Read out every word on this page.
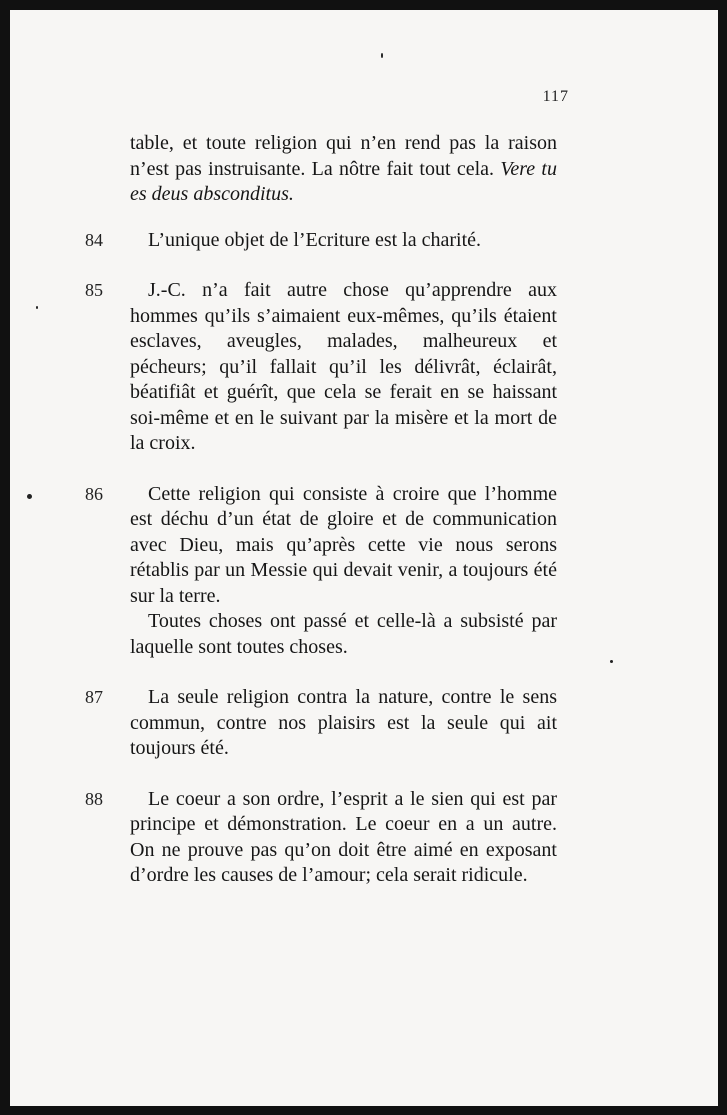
117

table, et toute religion qui n’en rend pas la raison n’est pas instruisante. La nôtre fait tout cela. Vere tu es deus absconditus.

84	L’unique objet de l’Ecriture est la charité.

85	J.-C. n’a fait autre chose qu’apprendre aux hommes qu’ils s’aimaient eux-mêmes, qu’ils étaient esclaves, aveugles, malades, malheureux et pécheurs; qu’il fallait qu’il les délivrât, éclairât, béatifiât et guérît, que cela se ferait en se haissant soi-même et en le suivant par la misère et la mort de la croix.

86	Cette religion qui consiste à croire que l’homme est déchu d’un état de gloire et de communication avec Dieu, mais qu’après cette vie nous serons rétablis par un Messie qui devait venir, a toujours été sur la terre.

Toutes choses ont passé et celle-là a subsisté par laquelle sont toutes choses.

87	La seule religion contra la nature, contre le sens commun, contre nos plaisirs est la seule qui ait toujours été.

88	Le coeur a son ordre, l’esprit a le sien qui est par principe et démonstration. Le coeur en a un autre. On ne prouve pas qu’on doit être aimé en exposant d’ordre les causes de l’amour; cela serait ridicule.
